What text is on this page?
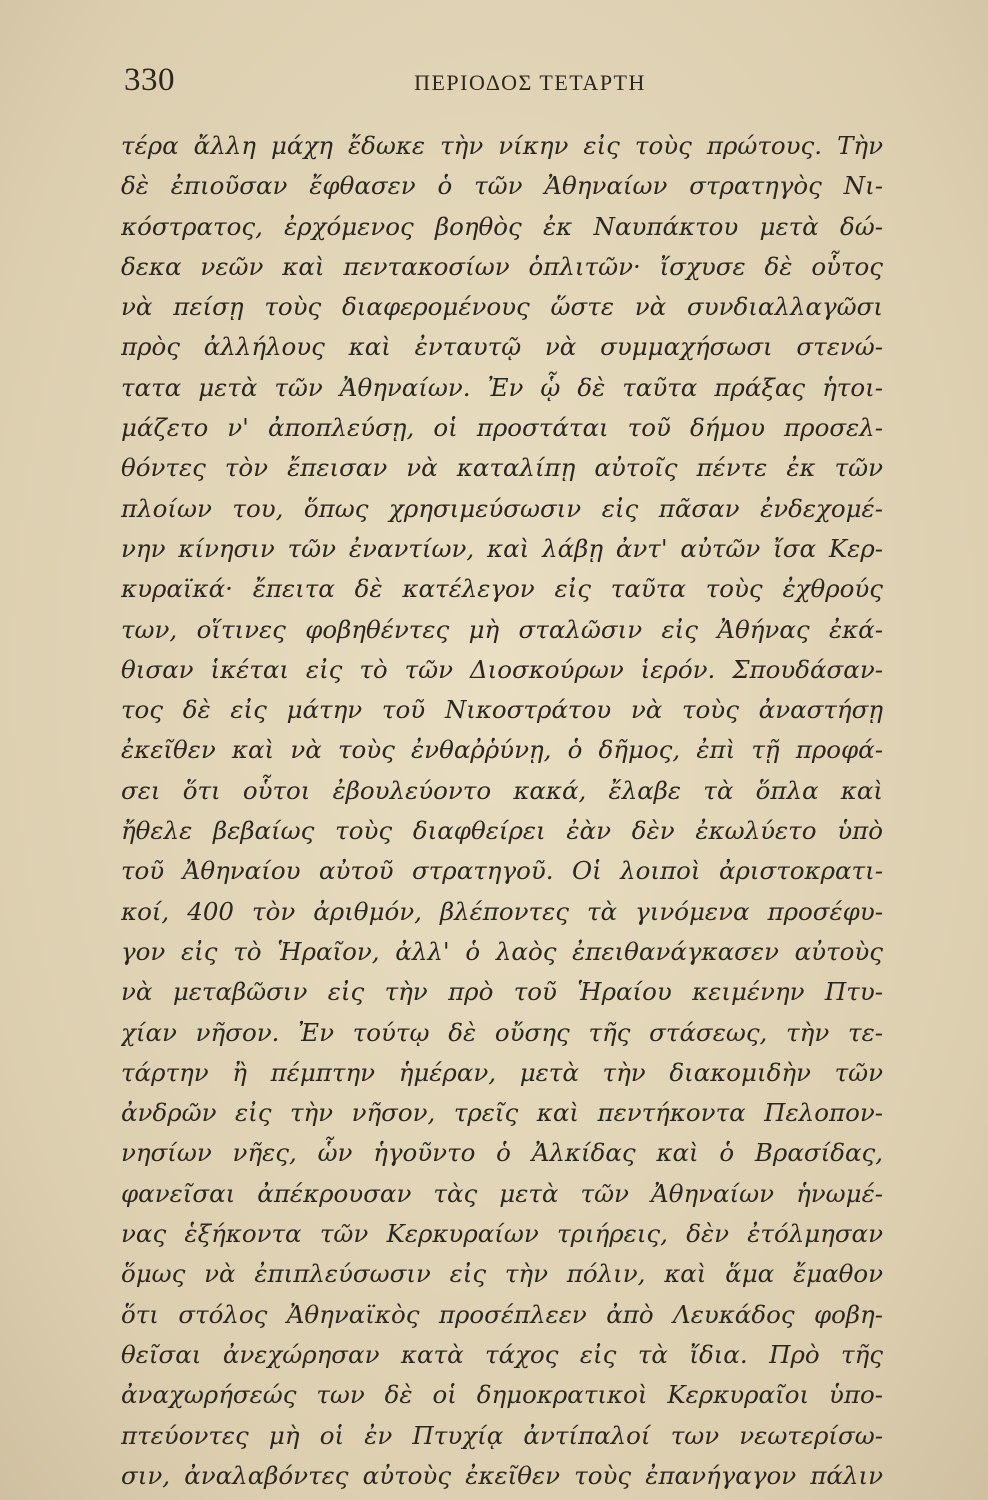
330	ΠΕΡΙΟΔΟΣ ΤΕΤΑΡΤΗ
τέρα ἄλλη μάχη ἔδωκε τὴν νίκην εἰς τοὺς πρώτους. Τὴν
δὲ ἐπιοῦσαν ἔφθασεν ὁ τῶν Ἀθηναίων στρατηγὸς Νι-
κόστρατος, ἐρχόμενος βοηθὸς ἐκ Ναυπάκτου μετὰ δώ-
δεκα νεῶν καὶ πεντακοσίων ὁπλιτῶν· ἴσχυσε δὲ οὗτος
νὰ πείσῃ τοὺς διαφερομένους ὥστε νὰ συνδιαλλαγῶσι
πρὸς ἀλλήλους καὶ ἐνταυτῷ νὰ συμμαχήσωσι στενώ-
τατα μετὰ τῶν Ἀθηναίων. Ἐν ᾧ δὲ ταῦτα πράξας ἡτοι-
μάζετο ν' ἀποπλεύσῃ, οἱ προστάται τοῦ δήμου προσελ-
θόντες τὸν ἔπεισαν νὰ καταλίπῃ αὐτοῖς πέντε ἐκ τῶν
πλοίων του, ὅπως χρησιμεύσωσιν εἰς πᾶσαν ἐνδεχομέ-
νην κίνησιν τῶν ἐναντίων, καὶ λάβῃ ἀντ' αὐτῶν ἴσα Κερ-
κυραϊκά· ἔπειτα δὲ κατέλεγον εἰς ταῦτα τοὺς ἐχθρούς
των, οἵτινες φοβηθέντες μὴ σταλῶσιν εἰς Ἀθήνας ἐκά-
θισαν ἱκέται εἰς τὸ τῶν Διοσκούρων ἱερόν. Σπουδάσαν-
τος δὲ εἰς μάτην τοῦ Νικοστράτου νὰ τοὺς ἀναστήσῃ
ἐκεῖθεν καὶ νὰ τοὺς ἐνθαῤῥύνῃ, ὁ δῆμος, ἐπὶ τῇ προφά-
σει ὅτι οὗτοι ἐβουλεύοντο κακά, ἔλαβε τὰ ὅπλα καὶ
ἤθελε βεβαίως τοὺς διαφθείρει ἐὰν δὲν ἐκωλύετο ὑπὸ
τοῦ Ἀθηναίου αὐτοῦ στρατηγοῦ. Οἱ λοιποὶ ἀριστοκρατι-
κοί, 400 τὸν ἀριθμόν, βλέποντες τὰ γινόμενα προσέφυ-
γον εἰς τὸ Ἡραῖον, ἀλλ' ὁ λαὸς ἐπειθανάγκασεν αὐτοὺς
νὰ μεταβῶσιν εἰς τὴν πρὸ τοῦ Ἡραίου κειμένην Πτυ-
χίαν νῆσον. Ἐν τούτῳ δὲ οὔσης τῆς στάσεως, τὴν τε-
τάρτην ἢ πέμπτην ἡμέραν, μετὰ τὴν διακομιδὴν τῶν
ἀνδρῶν εἰς τὴν νῆσον, τρεῖς καὶ πεντήκοντα Πελοπον-
νησίων νῆες, ὧν ἡγοῦντο ὁ Ἀλκίδας καὶ ὁ Βρασίδας,
φανεῖσαι ἀπέκρουσαν τὰς μετὰ τῶν Ἀθηναίων ἡνωμέ-
νας ἑξήκοντα τῶν Κερκυραίων τριήρεις, δὲν ἐτόλμησαν
ὅμως νὰ ἐπιπλεύσωσιν εἰς τὴν πόλιν, καὶ ἅμα ἔμαθον
ὅτι στόλος Ἀθηναϊκὸς προσέπλεεν ἀπὸ Λευκάδος φοβη-
θεῖσαι ἀνεχώρησαν κατὰ τάχος εἰς τὰ ἴδια. Πρὸ τῆς
ἀναχωρήσεώς των δὲ οἱ δημοκρατικοὶ Κερκυραῖοι ὑπο-
πτεύοντες μὴ οἱ ἐν Πτυχίᾳ ἀντίπαλοί των νεωτερίσω-
σιν, ἀναλαβόντες αὐτοὺς ἐκεῖθεν τοὺς ἐπανήγαγον πάλιν
